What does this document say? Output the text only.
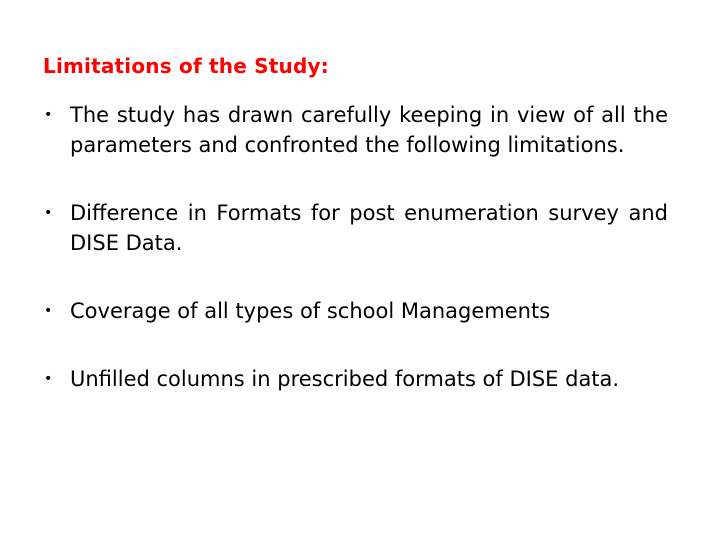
Limitations of the Study:
• The study has drawn carefully keeping in view of all the parameters and confronted the following limitations.
• Difference in Formats for post enumeration survey and DISE Data.
• Coverage of all types of school Managements
• Unfilled columns in prescribed formats of DISE data.
